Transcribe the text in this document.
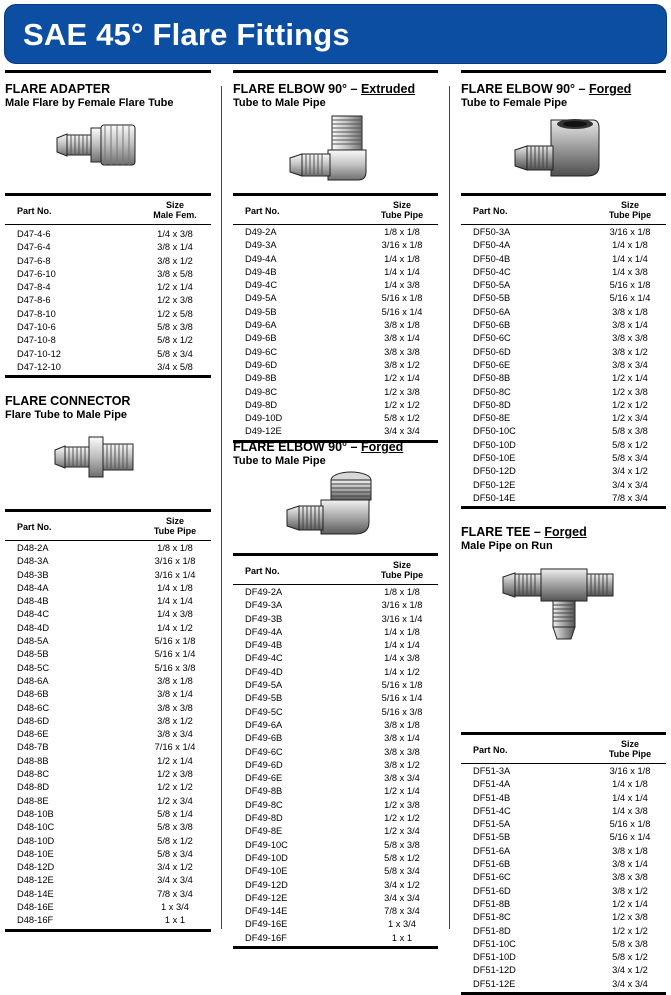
SAE 45° Flare Fittings
FLARE ADAPTER
Male Flare by Female Flare Tube
Part No.
Size
Male Fem.
D47-4-6	1/4 x 3/8
D47-6-4	3/8 x 1/4
D47-6-8	3/8 x 1/2
D47-6-10	3/8 x 5/8
D47-8-4	1/2 x 1/4
D47-8-6	1/2 x 3/8
D47-8-10	1/2 x 5/8
D47-10-6	5/8 x 3/8
D47-10-8	5/8 x 1/2
D47-10-12	5/8 x 3/4
D47-12-10	3/4 x 5/8
FLARE CONNECTOR
Flare Tube to Male Pipe
Part No.
Size
Tube Pipe
D48-2A	1/8 x 1/8
D48-3A	3/16 x 1/8
D48-3B	3/16 x 1/4
D48-4A	1/4 x 1/8
D48-4B	1/4 x 1/4
D48-4C	1/4 x 3/8
D48-4D	1/4 x 1/2
D48-5A	5/16 x 1/8
D48-5B	5/16 x 1/4
D48-5C	5/16 x 3/8
D48-6A	3/8 x 1/8
D48-6B	3/8 x 1/4
D48-6C	3/8 x 3/8
D48-6D	3/8 x 1/2
D48-6E	3/8 x 3/4
D48-7B	7/16 x 1/4
D48-8B	1/2 x 1/4
D48-8C	1/2 x 3/8
D48-8D	1/2 x 1/2
D48-8E	1/2 x 3/4
D48-10B	5/8 x 1/4
D48-10C	5/8 x 3/8
D48-10D	5/8 x 1/2
D48-10E	5/8 x 3/4
D48-12D	3/4 x 1/2
D48-12E	3/4 x 3/4
D48-14E	7/8 x 3/4
D48-16E	1 x 3/4
D48-16F	1 x 1
FLARE ELBOW 90° – Extruded
Tube to Male Pipe
Part No.
Size
Tube Pipe
D49-2A	1/8 x 1/8
D49-3A	3/16 x 1/8
D49-4A	1/4 x 1/8
D49-4B	1/4 x 1/4
D49-4C	1/4 x 3/8
D49-5A	5/16 x 1/8
D49-5B	5/16 x 1/4
D49-6A	3/8 x 1/8
D49-6B	3/8 x 1/4
D49-6C	3/8 x 3/8
D49-6D	3/8 x 1/2
D49-8B	1/2 x 1/4
D49-8C	1/2 x 3/8
D49-8D	1/2 x 1/2
D49-10D	5/8 x 1/2
D49-12E	3/4 x 3/4
FLARE ELBOW 90° – Forged
Tube to Male Pipe
Part No.
Size
Tube Pipe
DF49-2A	1/8 x 1/8
DF49-3A	3/16 x 1/8
DF49-3B	3/16 x 1/4
DF49-4A	1/4 x 1/8
DF49-4B	1/4 x 1/4
DF49-4C	1/4 x 3/8
DF49-4D	1/4 x 1/2
DF49-5A	5/16 x 1/8
DF49-5B	5/16 x 1/4
DF49-5C	5/16 x 3/8
DF49-6A	3/8 x 1/8
DF49-6B	3/8 x 1/4
DF49-6C	3/8 x 3/8
DF49-6D	3/8 x 1/2
DF49-6E	3/8 x 3/4
DF49-8B	1/2 x 1/4
DF49-8C	1/2 x 3/8
DF49-8D	1/2 x 1/2
DF49-8E	1/2 x 3/4
DF49-10C	5/8 x 3/8
DF49-10D	5/8 x 1/2
DF49-10E	5/8 x 3/4
DF49-12D	3/4 x 1/2
DF49-12E	3/4 x 3/4
DF49-14E	7/8 x 3/4
DF49-16E	1 x 3/4
DF49-16F	1 x 1
FLARE ELBOW 90° – Forged
Tube to Female Pipe
Part No.
Size
Tube Pipe
DF50-3A	3/16 x 1/8
DF50-4A	1/4 x 1/8
DF50-4B	1/4 x 1/4
DF50-4C	1/4 x 3/8
DF50-5A	5/16 x 1/8
DF50-5B	5/16 x 1/4
DF50-6A	3/8 x 1/8
DF50-6B	3/8 x 1/4
DF50-6C	3/8 x 3/8
DF50-6D	3/8 x 1/2
DF50-6E	3/8 x 3/4
DF50-8B	1/2 x 1/4
DF50-8C	1/2 x 3/8
DF50-8D	1/2 x 1/2
DF50-8E	1/2 x 3/4
DF50-10C	5/8 x 3/8
DF50-10D	5/8 x 1/2
DF50-10E	5/8 x 3/4
DF50-12D	3/4 x 1/2
DF50-12E	3/4 x 3/4
DF50-14E	7/8 x 3/4
FLARE TEE – Forged
Male Pipe on Run
Part No.
Size
Tube Pipe
DF51-3A	3/16 x 1/8
DF51-4A	1/4 x 1/8
DF51-4B	1/4 x 1/4
DF51-4C	1/4 x 3/8
DF51-5A	5/16 x 1/8
DF51-5B	5/16 x 1/4
DF51-6A	3/8 x 1/8
DF51-6B	3/8 x 1/4
DF51-6C	3/8 x 3/8
DF51-6D	3/8 x 1/2
DF51-8B	1/2 x 1/4
DF51-8C	1/2 x 3/8
DF51-8D	1/2 x 1/2
DF51-10C	5/8 x 3/8
DF51-10D	5/8 x 1/2
DF51-12D	3/4 x 1/2
DF51-12E	3/4 x 3/4
